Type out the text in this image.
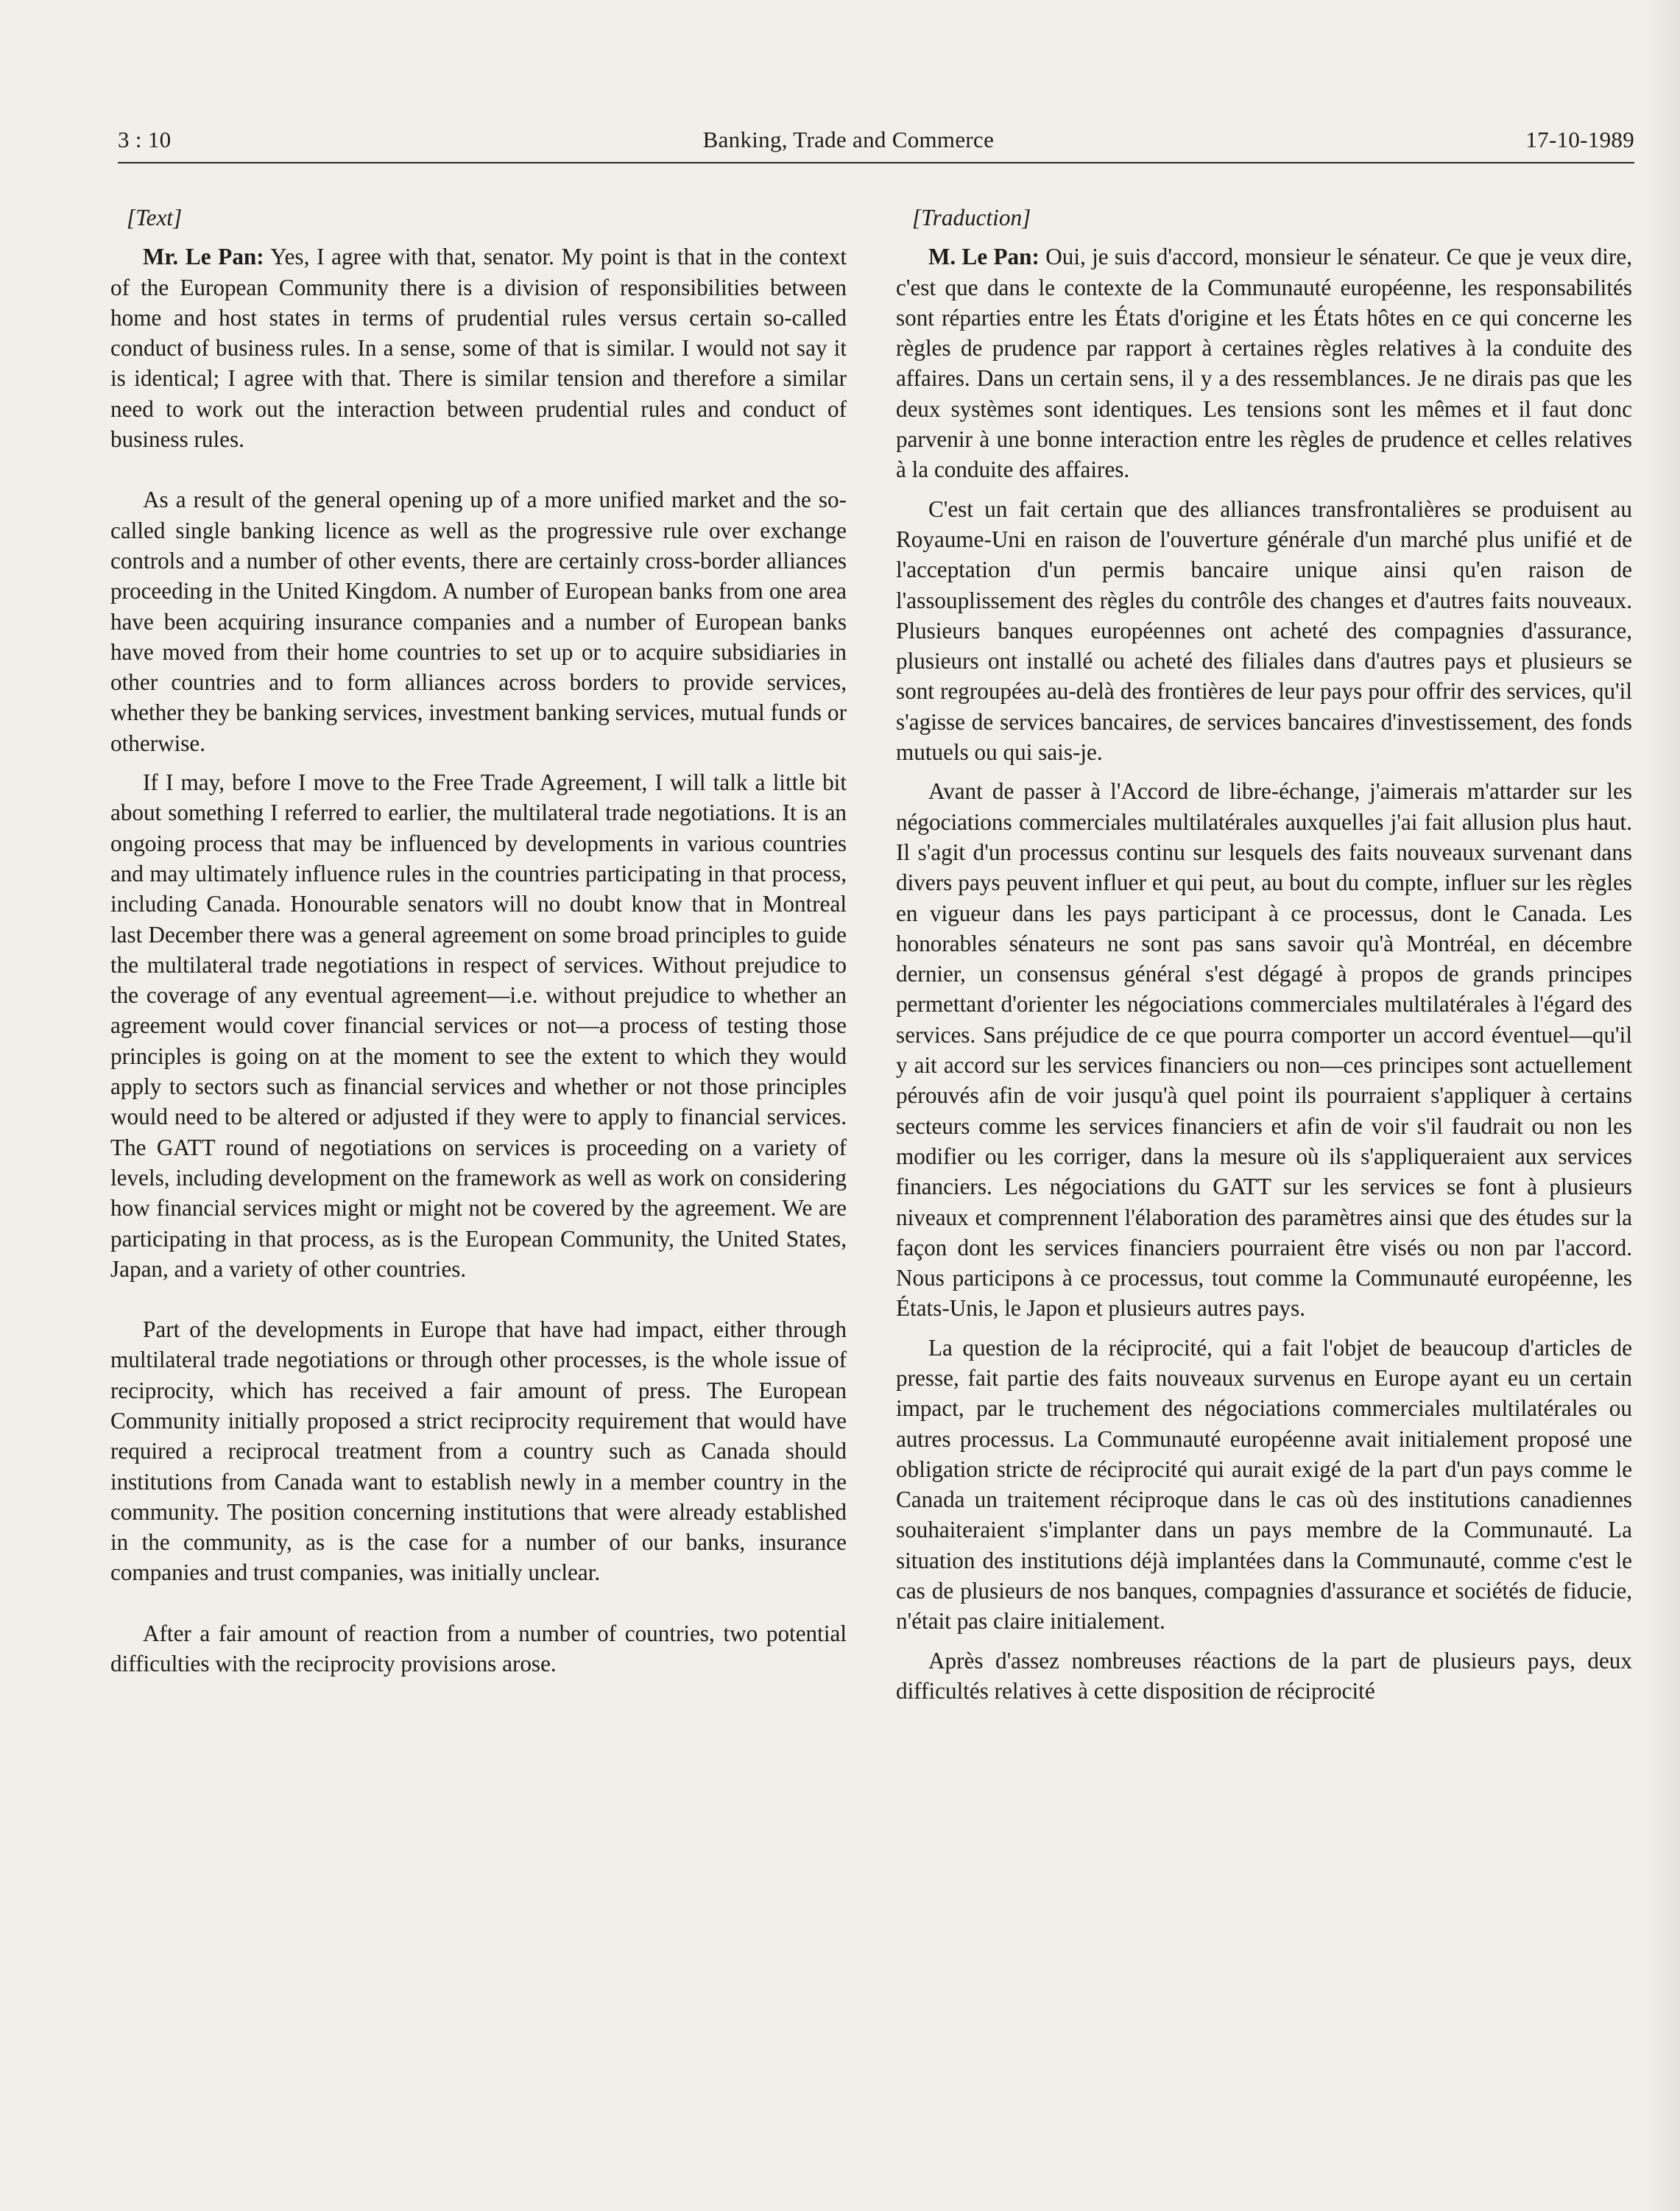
3 : 10	Banking, Trade and Commerce	17-10-1989
[Text]

Mr. Le Pan: Yes, I agree with that, senator. My point is that in the context of the European Community there is a division of responsibilities between home and host states in terms of prudential rules versus certain so-called conduct of business rules. In a sense, some of that is similar. I would not say it is identical; I agree with that. There is similar tension and therefore a similar need to work out the interaction between prudential rules and conduct of business rules.

As a result of the general opening up of a more unified market and the so-called single banking licence as well as the progressive rule over exchange controls and a number of other events, there are certainly cross-border alliances proceeding in the United Kingdom. A number of European banks from one area have been acquiring insurance companies and a number of European banks have moved from their home countries to set up or to acquire subsidiaries in other countries and to form alliances across borders to provide services, whether they be banking services, investment banking services, mutual funds or otherwise.

If I may, before I move to the Free Trade Agreement, I will talk a little bit about something I referred to earlier, the multilateral trade negotiations. It is an ongoing process that may be influenced by developments in various countries and may ultimately influence rules in the countries participating in that process, including Canada. Honourable senators will no doubt know that in Montreal last December there was a general agreement on some broad principles to guide the multilateral trade negotiations in respect of services. Without prejudice to the coverage of any eventual agreement—i.e. without prejudice to whether an agreement would cover financial services or not—a process of testing those principles is going on at the moment to see the extent to which they would apply to sectors such as financial services and whether or not those principles would need to be altered or adjusted if they were to apply to financial services. The GATT round of negotiations on services is proceeding on a variety of levels, including development on the framework as well as work on considering how financial services might or might not be covered by the agreement. We are participating in that process, as is the European Community, the United States, Japan, and a variety of other countries.

Part of the developments in Europe that have had impact, either through multilateral trade negotiations or through other processes, is the whole issue of reciprocity, which has received a fair amount of press. The European Community initially proposed a strict reciprocity requirement that would have required a reciprocal treatment from a country such as Canada should institutions from Canada want to establish newly in a member country in the community. The position concerning institutions that were already established in the community, as is the case for a number of our banks, insurance companies and trust companies, was initially unclear.

After a fair amount of reaction from a number of countries, two potential difficulties with the reciprocity provisions arose.

[Traduction]

M. Le Pan: Oui, je suis d'accord, monsieur le sénateur. Ce que je veux dire, c'est que dans le contexte de la Communauté européenne, les responsabilités sont réparties entre les États d'origine et les États hôtes en ce qui concerne les règles de prudence par rapport à certaines règles relatives à la conduite des affaires. Dans un certain sens, il y a des ressemblances. Je ne dirais pas que les deux systèmes sont identiques. Les tensions sont les mêmes et il faut donc parvenir à une bonne interaction entre les règles de prudence et celles relatives à la conduite des affaires.

C'est un fait certain que des alliances transfrontalières se produisent au Royaume-Uni en raison de l'ouverture générale d'un marché plus unifié et de l'acceptation d'un permis bancaire unique ainsi qu'en raison de l'assouplissement des règles du contrôle des changes et d'autres faits nouveaux. Plusieurs banques européennes ont acheté des compagnies d'assurance, plusieurs ont installé ou acheté des filiales dans d'autres pays et plusieurs se sont regroupées au-delà des frontières de leur pays pour offrir des services, qu'il s'agisse de services bancaires, de services bancaires d'investissement, des fonds mutuels ou qui sais-je.

Avant de passer à l'Accord de libre-échange, j'aimerais m'attarder sur les négociations commerciales multilatérales auxquelles j'ai fait allusion plus haut. Il s'agit d'un processus continu sur lesquels des faits nouveaux survenant dans divers pays peuvent influer et qui peut, au bout du compte, influer sur les règles en vigueur dans les pays participant à ce processus, dont le Canada. Les honorables sénateurs ne sont pas sans savoir qu'à Montréal, en décembre dernier, un consensus général s'est dégagé à propos de grands principes permettant d'orienter les négociations commerciales multilatérales à l'égard des services. Sans préjudice de ce que pourra comporter un accord éventuel—qu'il y ait accord sur les services financiers ou non—ces principes sont actuellement pérouvés afin de voir jusqu'à quel point ils pourraient s'appliquer à certains secteurs comme les services financiers et afin de voir s'il faudrait ou non les modifier ou les corriger, dans la mesure où ils s'appliqueraient aux services financiers. Les négociations du GATT sur les services se font à plusieurs niveaux et comprennent l'élaboration des paramètres ainsi que des études sur la façon dont les services financiers pourraient être visés ou non par l'accord. Nous participons à ce processus, tout comme la Communauté européenne, les États-Unis, le Japon et plusieurs autres pays.

La question de la réciprocité, qui a fait l'objet de beaucoup d'articles de presse, fait partie des faits nouveaux survenus en Europe ayant eu un certain impact, par le truchement des négociations commerciales multilatérales ou autres processus. La Communauté européenne avait initialement proposé une obligation stricte de réciprocité qui aurait exigé de la part d'un pays comme le Canada un traitement réciproque dans le cas où des institutions canadiennes souhaiteraient s'implanter dans un pays membre de la Communauté. La situation des institutions déjà implantées dans la Communauté, comme c'est le cas de plusieurs de nos banques, compagnies d'assurance et sociétés de fiducie, n'était pas claire initialement.

Après d'assez nombreuses réactions de la part de plusieurs pays, deux difficultés relatives à cette disposition de réciprocité
